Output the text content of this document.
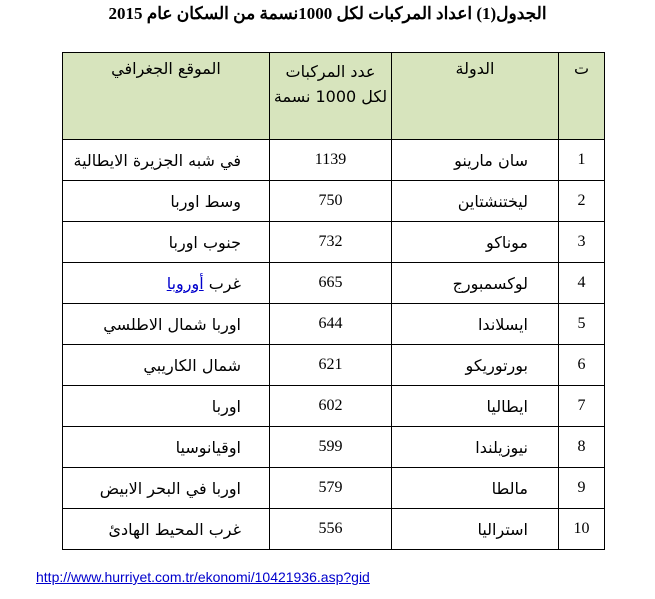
الجدول(1) اعداد المركبات لكل 1000نسمة من السكان عام 2015
ت	الدولة	عدد المركبات
لكل 1000 نسمة	الموقع الجغرافي
1	سان مارينو	1139	في شبه الجزيرة الايطالية
2	ليختنشتاين	750	وسط اوربا
3	موناكو	732	جنوب اوربا
4	لوكسمبورج	665	غرب أوروبا
5	ايسلاندا	644	اوربا شمال الاطلسي
6	بورتوريكو	621	شمال الكاريبي
7	ايطاليا	602	اوربا
8	نيوزيلندا	599	اوقيانوسيا
9	مالطا	579	اوربا في البحر الابيض
10	استراليا	556	غرب المحيط الهادئ
http://www.hurriyet.com.tr/ekonomi/10421936.asp?gid
